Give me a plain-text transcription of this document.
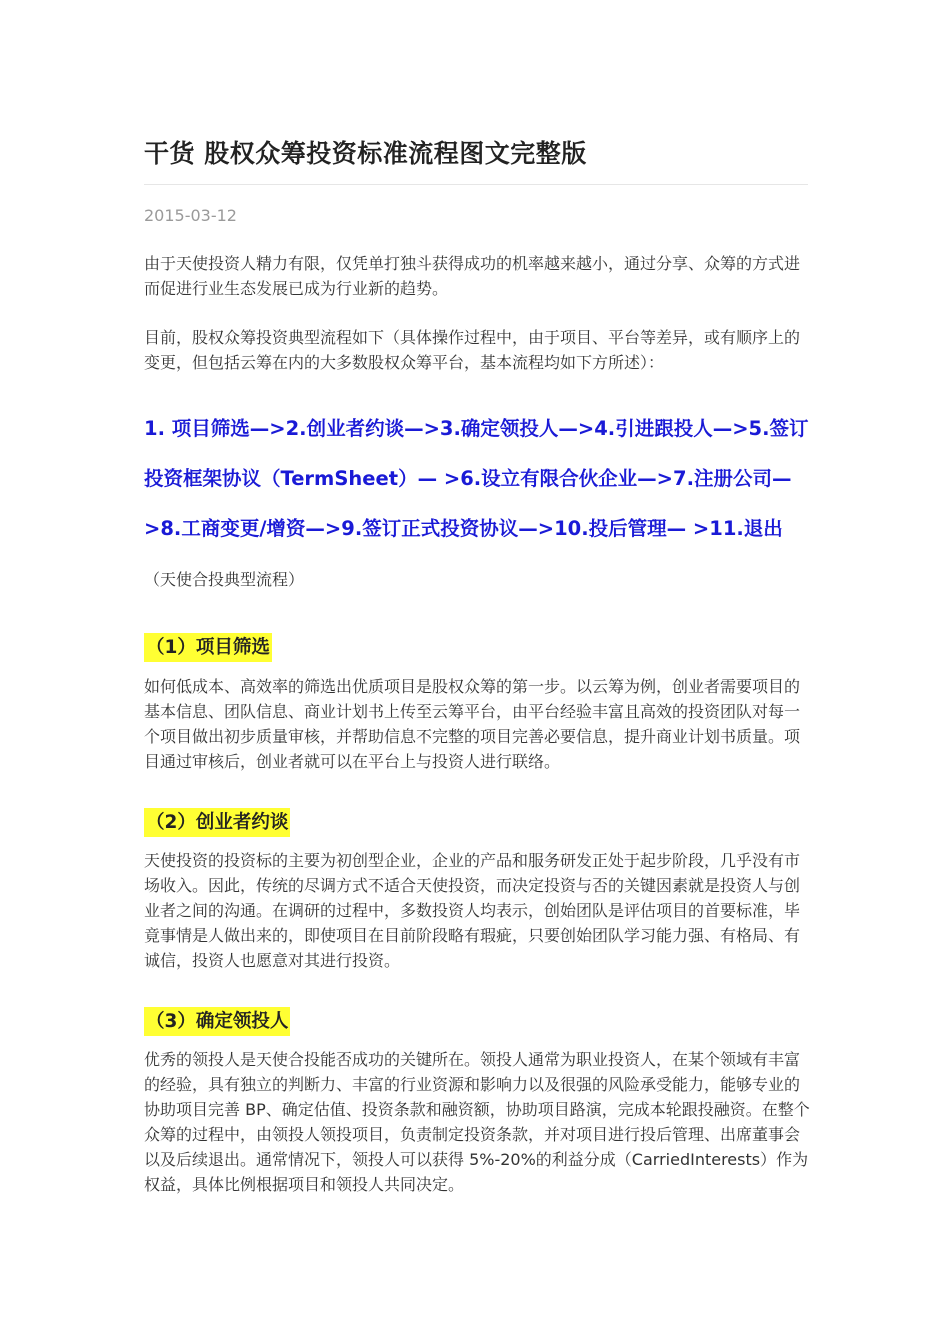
干货 股权众筹投资标准流程图文完整版
2015-03-12

由于天使投资人精力有限，仅凭单打独斗获得成功的机率越来越小，通过分享、众筹的方式进而促进行业生态发展已成为行业新的趋势。

目前，股权众筹投资典型流程如下（具体操作过程中，由于项目、平台等差异，或有顺序上的变更，但包括云筹在内的大多数股权众筹平台，基本流程均如下方所述）：

1. 项目筛选—>2.创业者约谈—>3.确定领投人—>4.引进跟投人—>5.签订投资框架协议（TermSheet）— >6.设立有限合伙企业—>7.注册公司—>8.工商变更/增资—>9.签订正式投资协议—>10.投后管理— >11.退出（天使合投典型流程）

（1）项目筛选

如何低成本、高效率的筛选出优质项目是股权众筹的第一步。以云筹为例，创业者需要项目的基本信息、团队信息、商业计划书上传至云筹平台，由平台经验丰富且高效的投资团队对每一个项目做出初步质量审核，并帮助信息不完整的项目完善必要信息，提升商业计划书质量。项目通过审核后，创业者就可以在平台上与投资人进行联络。

（2）创业者约谈

天使投资的投资标的主要为初创型企业，企业的产品和服务研发正处于起步阶段，几乎没有市场收入。因此，传统的尽调方式不适合天使投资，而决定投资与否的关键因素就是投资人与创业者之间的沟通。在调研的过程中，多数投资人均表示，创始团队是评估项目的首要标准，毕竟事情是人做出来的，即使项目在目前阶段略有瑕疵，只要创始团队学习能力强、有格局、有诚信，投资人也愿意对其进行投资。

（3）确定领投人

优秀的领投人是天使合投能否成功的关键所在。领投人通常为职业投资人，在某个领域有丰富的经验，具有独立的判断力、丰富的行业资源和影响力以及很强的风险承受能力，能够专业的协助项目完善 BP、确定估值、投资条款和融资额，协助项目路演，完成本轮跟投融资。在整个众筹的过程中，由领投人领投项目，负责制定投资条款，并对项目进行投后管理、出席董事会以及后续退出。通常情况下，领投人可以获得 5%-20%的利益分成（CarriedInterests）作为权益，具体比例根据项目和领投人共同决定。
